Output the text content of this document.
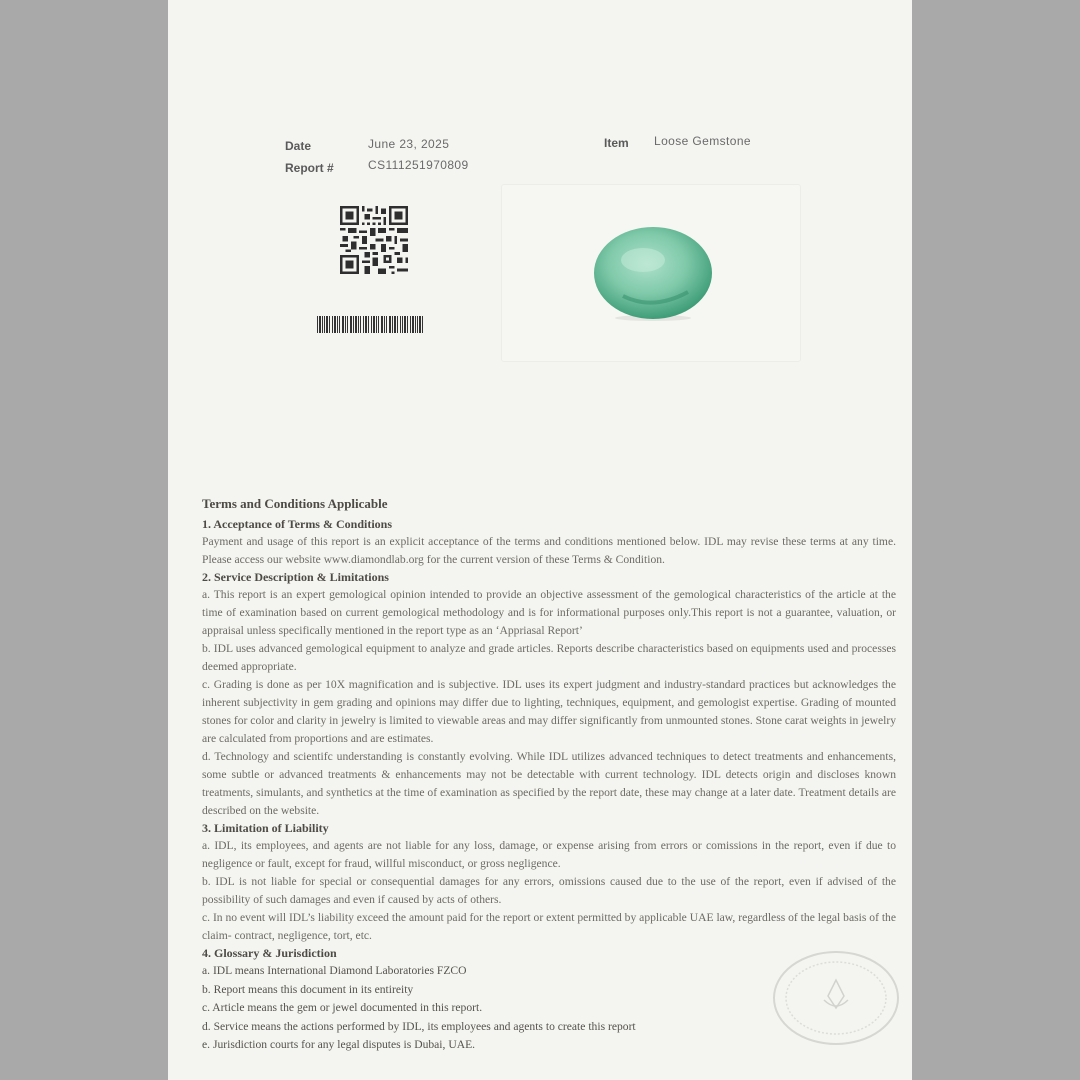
Date	June 23, 2025
Report #	CS111251970809
Item Loose Gemstone
Terms and Conditions Applicable
1. Acceptance of Terms & Conditions
Payment and usage of this report is an explicit acceptance of the terms and conditions mentioned below. IDL may revise these terms at any time. Please access our website www.diamondlab.org for the current version of these Terms & Condition.
2. Service Description & Limitations
a. This report is an expert gemological opinion intended to provide an objective assessment of the gemological characteristics of the article at the time of examination based on current gemological methodology and is for informational purposes only.This report is not a guarantee, valuation, or appraisal unless specifically mentioned in the report type as an ‘Appriasal Report’
b. IDL uses advanced gemological equipment to analyze and grade articles. Reports describe characteristics based on equipments used and processes deemed appropriate.
c. Grading is done as per 10X magnification and is subjective. IDL uses its expert judgment and industry-standard practices but acknowledges the inherent subjectivity in gem grading and opinions may differ due to lighting, techniques, equipment, and gemologist expertise. Grading of mounted stones for color and clarity in jewelry is limited to viewable areas and may differ significantly from unmounted stones. Stone carat weights in jewelry are calculated from proportions and are estimates.
d. Technology and scientifc understanding is constantly evolving. While IDL utilizes advanced techniques to detect treatments and enhancements, some subtle or advanced treatments & enhancements may not be detectable with current technology. IDL detects origin and discloses known treatments, simulants, and synthetics at the time of examination as specified by the report date, these may change at a later date. Treatment details are described on the website.
3. Limitation of Liability
a. IDL, its employees, and agents are not liable for any loss, damage, or expense arising from errors or comissions in the report, even if due to negligence or fault, except for fraud, willful misconduct, or gross negligence.
b. IDL is not liable for special or consequential damages for any errors, omissions caused due to the use of the report, even if advised of the possibility of such damages and even if caused by acts of others.
c. In no event will IDL’s liability exceed the amount paid for the report or extent permitted by applicable UAE law, regardless of the legal basis of the claim- contract, negligence, tort, etc.
4. Glossary & Jurisdiction
a. IDL means International Diamond Laboratories FZCO
b. Report means this document in its entireity
c. Article means the gem or jewel documented in this report.
d. Service means the actions performed by IDL, its employees and agents to create this report
e. Jurisdiction courts for any legal disputes is Dubai, UAE.
